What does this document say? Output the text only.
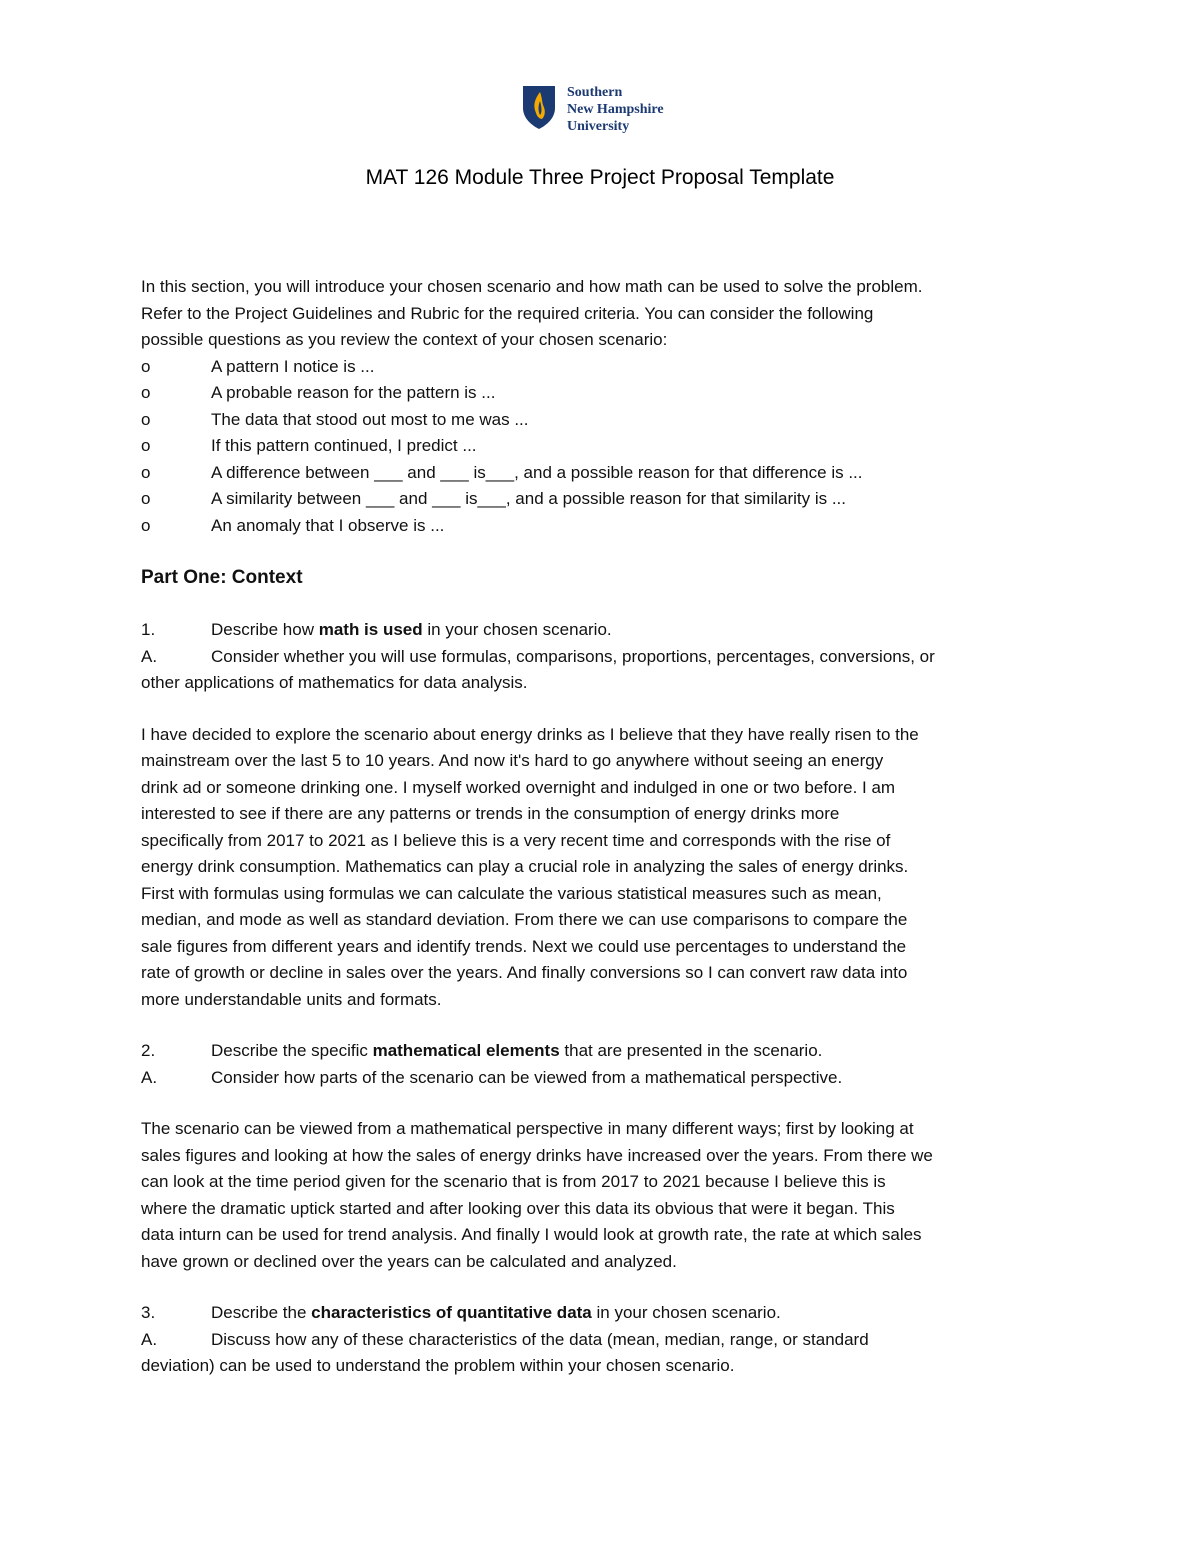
Southern
New Hampshire
University
MAT 126 Module Three Project Proposal Template

In this section, you will introduce your chosen scenario and how math can be used to solve the problem.

Refer to the Project Guidelines and Rubric for the required criteria. You can consider the following

possible questions as you review the context of your chosen scenario:

o	A pattern I notice is ...
o	A probable reason for the pattern is ...
o	The data that stood out most to me was ...
o	If this pattern continued, I predict ...
o	A difference between ___ and ___ is___, and a possible reason for that difference is ...
o	A similarity between ___ and ___ is___, and a possible reason for that similarity is ...
o	An anomaly that I observe is ...

Part One: Context

1.	Describe how math is used in your chosen scenario.
A.	Consider whether you will use formulas, comparisons, proportions, percentages, conversions, or

other applications of mathematics for data analysis.

I have decided to explore the scenario about energy drinks as I believe that they have really risen to the

mainstream over the last 5 to 10 years. And now it's hard to go anywhere without seeing an energy

drink ad or someone drinking one. I myself worked overnight and indulged in one or two before. I am

interested to see if there are any patterns or trends in the consumption of energy drinks more

specifically from 2017 to 2021 as I believe this is a very recent time and corresponds with the rise of

energy drink consumption. Mathematics can play a crucial role in analyzing the sales of energy drinks.

First with formulas using formulas we can calculate the various statistical measures such as mean,

median, and mode as well as standard deviation. From there we can use comparisons to compare the

sale figures from different years and identify trends. Next we could use percentages to understand the

rate of growth or decline in sales over the years. And finally conversions so I can convert raw data into

more understandable units and formats.

2.	Describe the specific mathematical elements that are presented in the scenario.
A.	Consider how parts of the scenario can be viewed from a mathematical perspective.

The scenario can be viewed from a mathematical perspective in many different ways; first by looking at

sales figures and looking at how the sales of energy drinks have increased over the years. From there we

can look at the time period given for the scenario that is from 2017 to 2021 because I believe this is

where the dramatic uptick started and after looking over this data its obvious that were it began. This

data inturn can be used for trend analysis. And finally I would look at growth rate, the rate at which sales

have grown or declined over the years can be calculated and analyzed.

3.	Describe the characteristics of quantitative data in your chosen scenario.
A.	Discuss how any of these characteristics of the data (mean, median, range, or standard

deviation) can be used to understand the problem within your chosen scenario.
